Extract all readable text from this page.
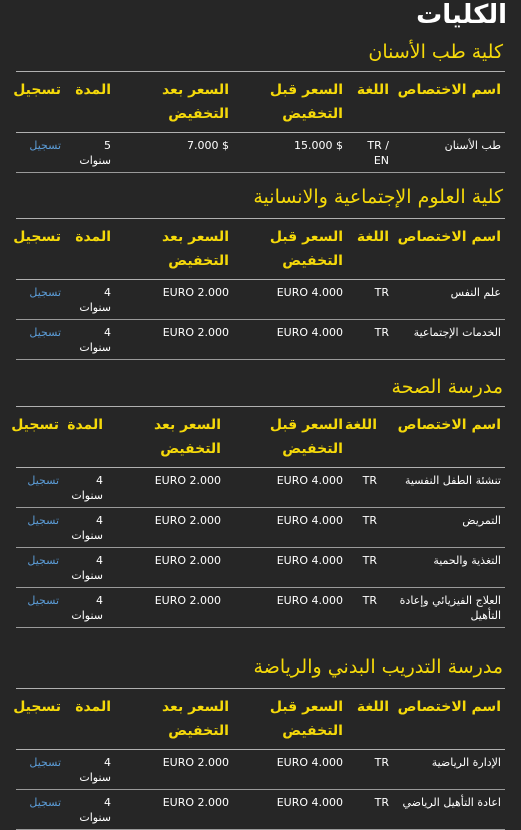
الكليات
كلية طب الأسنان
اسم الاختصاص	اللغة	السعر قبل التخفيض	السعر بعد التخفيض	المدة	تسجيل
طب الأسنان	TR / EN	$ 15.000	$ 7.000	5 سنوات	تسجيل
كلية العلوم الإجتماعية والانسانية
اسم الاختصاص	اللغة	السعر قبل التخفيض	السعر بعد التخفيض	المدة	تسجيل
علم النفس	TR	EURO 4.000	EURO 2.000	4 سنوات	تسجيل
الخدمات الإجتماعية	TR	EURO 4.000	EURO 2.000	4 سنوات	تسجيل
مدرسة الصحة
اسم الاختصاص	اللغة	السعر قبل التخفيض	السعر بعد التخفيض	المدة	تسجيل
تنشئة الطفل النفسية	TR	EURO 4.000	EURO 2.000	4 سنوات	تسجيل
التمريض	TR	EURO 4.000	EURO 2.000	4 سنوات	تسجيل
التغذية والحمية	TR	EURO 4.000	EURO 2.000	4 سنوات	تسجيل
العلاج الفيزيائي وإعادة التأهيل	TR	EURO 4.000	EURO 2.000	4 سنوات	تسجيل
مدرسة التدريب البدني والرياضة
اسم الاختصاص	اللغة	السعر قبل التخفيض	السعر بعد التخفيض	المدة	تسجيل
الإدارة الرياضية	TR	EURO 4.000	EURO 2.000	4 سنوات	تسجيل
اعادة التأهيل الرياضي	TR	EURO 4.000	EURO 2.000	4 سنوات	تسجيل
